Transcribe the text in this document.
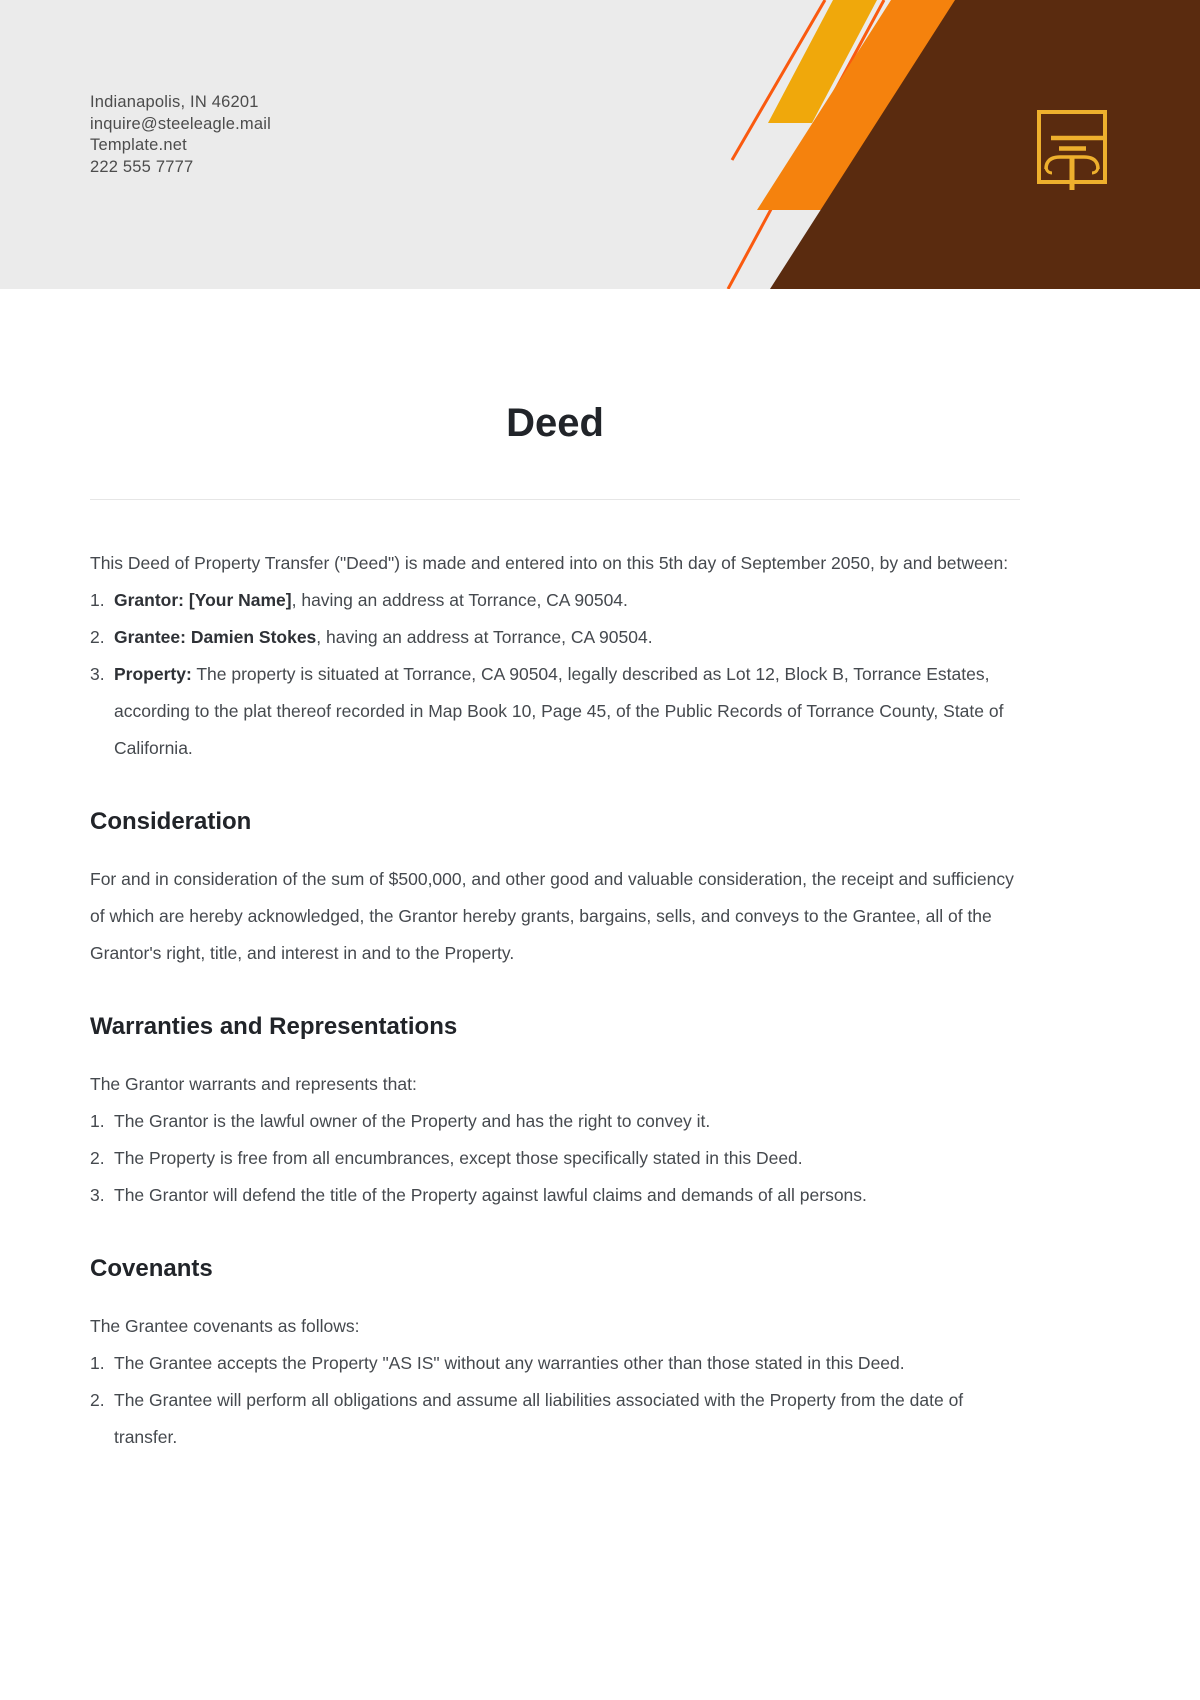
Indianapolis, IN 46201
inquire@steeleagle.mail
Template.net
222 555 7777
Deed

This Deed of Property Transfer ("Deed") is made and entered into on this 5th day of September 2050, by and between:

1. Grantor: [Your Name], having an address at Torrance, CA 90504.
2. Grantee: Damien Stokes, having an address at Torrance, CA 90504.
3. Property: The property is situated at Torrance, CA 90504, legally described as Lot 12, Block B, Torrance Estates, according to the plat thereof recorded in Map Book 10, Page 45, of the Public Records of Torrance County, State of California.
Consideration

For and in consideration of the sum of $500,000, and other good and valuable consideration, the receipt and sufficiency of which are hereby acknowledged, the Grantor hereby grants, bargains, sells, and conveys to the Grantee, all of the Grantor's right, title, and interest in and to the Property.

Warranties and Representations

The Grantor warrants and represents that:

1. The Grantor is the lawful owner of the Property and has the right to convey it.
2. The Property is free from all encumbrances, except those specifically stated in this Deed.
3. The Grantor will defend the title of the Property against lawful claims and demands of all persons.
Covenants

The Grantee covenants as follows:

1. The Grantee accepts the Property "AS IS" without any warranties other than those stated in this Deed.
2. The Grantee will perform all obligations and assume all liabilities associated with the Property from the date of transfer.
